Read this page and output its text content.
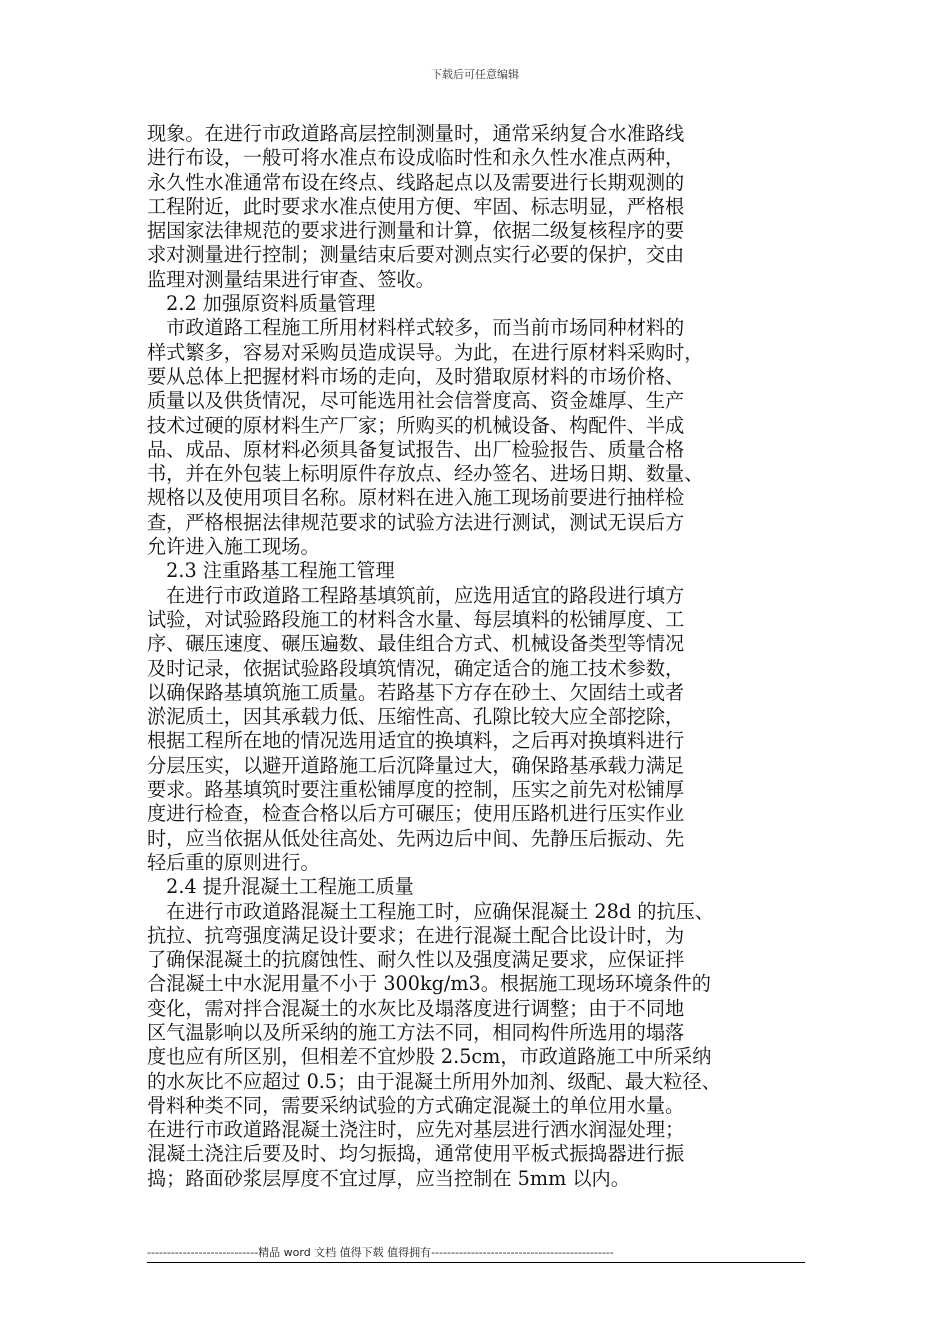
下载后可任意编辑
现象。在进行市政道路高层控制测量时，通常采纳复合水准路线
进行布设，一般可将水准点布设成临时性和永久性水准点两种，
永久性水准通常布设在终点、线路起点以及需要进行长期观测的
工程附近，此时要求水准点使用方便、牢固、标志明显，严格根
据国家法律规范的要求进行测量和计算，依据二级复核程序的要
求对测量进行控制；测量结束后要对测点实行必要的保护，交由
监理对测量结果进行审查、签收。
　2.2 加强原资料质量管理
　市政道路工程施工所用材料样式较多，而当前市场同种材料的
样式繁多，容易对采购员造成误导。为此，在进行原材料采购时，
要从总体上把握材料市场的走向，及时猎取原材料的市场价格、
质量以及供货情况，尽可能选用社会信誉度高、资金雄厚、生产
技术过硬的原材料生产厂家；所购买的机械设备、构配件、半成
品、成品、原材料必须具备复试报告、出厂检验报告、质量合格
书，并在外包装上标明原件存放点、经办签名、进场日期、数量、
规格以及使用项目名称。原材料在进入施工现场前要进行抽样检
查，严格根据法律规范要求的试验方法进行测试，测试无误后方
允许进入施工现场。
　2.3 注重路基工程施工管理
　在进行市政道路工程路基填筑前，应选用适宜的路段进行填方
试验，对试验路段施工的材料含水量、每层填料的松铺厚度、工
序、碾压速度、碾压遍数、最佳组合方式、机械设备类型等情况
及时记录，依据试验路段填筑情况，确定适合的施工技术参数，
以确保路基填筑施工质量。若路基下方存在砂土、欠固结土或者
淤泥质土，因其承载力低、压缩性高、孔隙比较大应全部挖除，
根据工程所在地的情况选用适宜的换填料，之后再对换填料进行
分层压实，以避开道路施工后沉降量过大，确保路基承载力满足
要求。路基填筑时要注重松铺厚度的控制，压实之前先对松铺厚
度进行检查，检查合格以后方可碾压；使用压路机进行压实作业
时，应当依据从低处往高处、先两边后中间、先静压后振动、先
轻后重的原则进行。
　2.4 提升混凝土工程施工质量
　在进行市政道路混凝土工程施工时，应确保混凝土 28d 的抗压、
抗拉、抗弯强度满足设计要求；在进行混凝土配合比设计时，为
了确保混凝土的抗腐蚀性、耐久性以及强度满足要求，应保证拌
合混凝土中水泥用量不小于 300kg/m3。根据施工现场环境条件的
变化，需对拌合混凝土的水灰比及塌落度进行调整；由于不同地
区气温影响以及所采纳的施工方法不同，相同构件所选用的塌落
度也应有所区别，但相差不宜炒股 2.5cm，市政道路施工中所采纳
的水灰比不应超过 0.5；由于混凝土所用外加剂、级配、最大粒径、
骨料种类不同，需要采纳试验的方式确定混凝土的单位用水量。
在进行市政道路混凝土浇注时，应先对基层进行洒水润湿处理；
混凝土浇注后要及时、均匀振捣，通常使用平板式振捣器进行振
捣；路面砂浆层厚度不宜过厚，应当控制在 5mm 以内。
----------------------------精品 word 文档 值得下载 值得拥有----------------------------------------------
